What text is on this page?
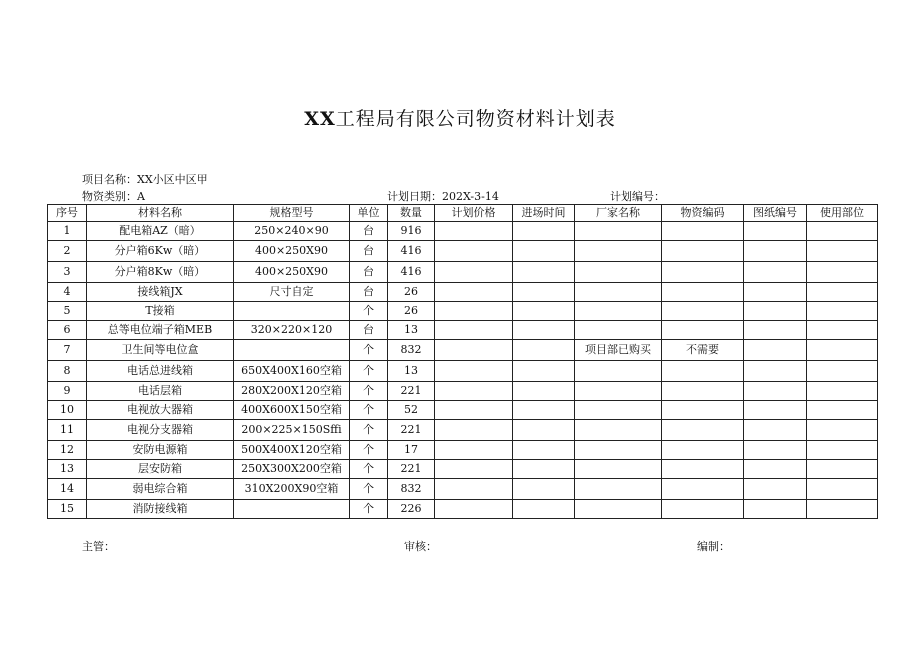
XX工程局有限公司物资材料计划表
项目名称：XX小区中区甲
物资类别：A	计划日期：202X-3-14	计划编号：
序号	材料名称	规格型号	单位	数量	计划价格	进场时间	厂家名称	物资编码	图纸编号	使用部位
1	配电箱AZ（暗）	250×240×90	台	916						
2	分户箱6Kw（暗）	400×250X90	台	416						
3	分户箱8Kw（暗）	400×250X90	台	416						
4	接线箱JX	尺寸自定	台	26						
5	T接箱		个	26						
6	总等电位端子箱MEB	320×220×120	台	13						
7	卫生间等电位盒		个	832			项目部已购买	不需要		
8	电话总进线箱	650X400X160空箱	个	13						
9	电话层箱	280X200X120空箱	个	221						
10	电视放大器箱	400X600X150空箱	个	52						
11	电视分支器箱	200×225×150Sffi	个	221						
12	安防电源箱	500X400X120空箱	个	17						
13	层安防箱	250X300X200空箱	个	221						
14	弱电综合箱	310X200X90空箱	个	832						
15	消防接线箱		个	226						
主管：	审核：	编制：
